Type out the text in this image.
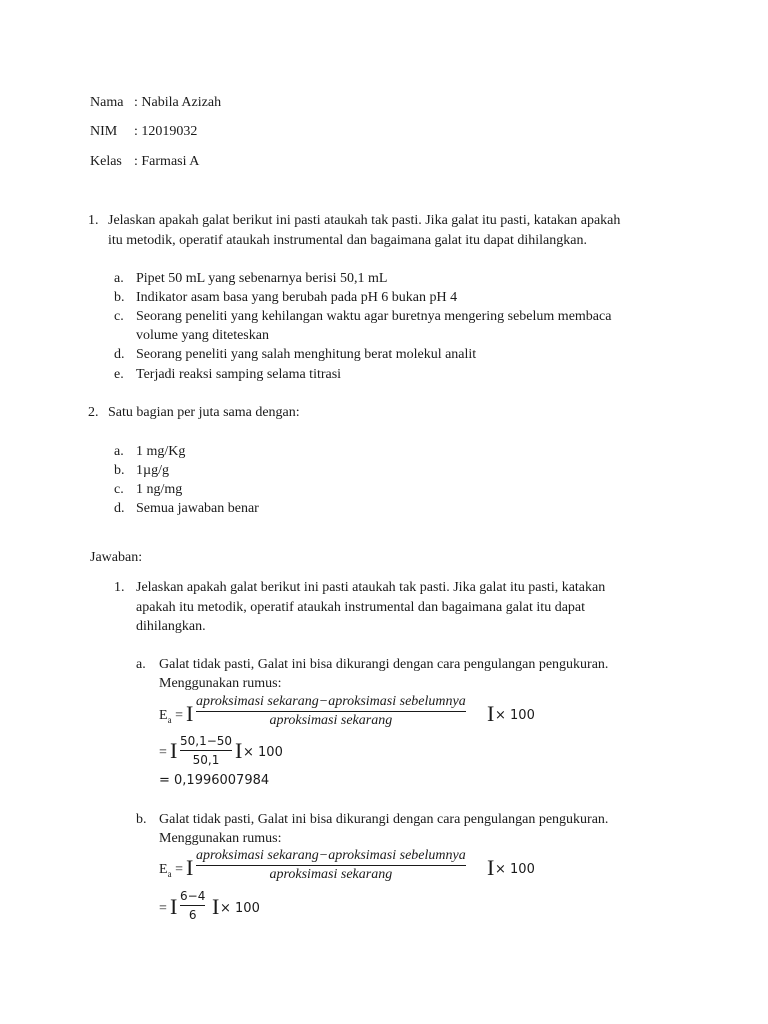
Nama : Nabila Azizah
NIM : 12019032
Kelas : Farmasi A
1. Jelaskan apakah galat berikut ini pasti ataukah tak pasti. Jika galat itu pasti, katakan apakah
itu metodik, operatif ataukah instrumental dan bagaimana galat itu dapat dihilangkan.
a. Pipet 50 mL yang sebenarnya berisi 50,1 mL
b. Indikator asam basa yang berubah pada pH 6 bukan pH 4
c. Seorang peneliti yang kehilangan waktu agar buretnya mengering sebelum membaca
volume yang diteteskan
d. Seorang peneliti yang salah menghitung berat molekul analit
e. Terjadi reaksi samping selama titrasi
2. Satu bagian per juta sama dengan:
a. 1 mg/Kg
b. 1µg/g
c. 1 ng/mg
d. Semua jawaban benar
Jawaban:
1. Jelaskan apakah galat berikut ini pasti ataukah tak pasti. Jika galat itu pasti, katakan
apakah itu metodik, operatif ataukah instrumental dan bagaimana galat itu dapat
dihilangkan.
a. Galat tidak pasti, Galat ini bisa dikurangi dengan cara pengulangan pengukuran.
Menggunakan rumus:
$E_a = I$ aproksimasi sekarang−aproksimasi sebelumnya
aproksimasi sekarang	I × 100
= I 50,1−50
50,1 I × 100
= 0,1996007984
b. Galat tidak pasti, Galat ini bisa dikurangi dengan cara pengulangan pengukuran.
Menggunakan rumus:
$E_a = I$ aproksimasi sekarang−aproksimasi sebelumnya
aproksimasi sekarang	I × 100
= I 6−4
6 I × 100
